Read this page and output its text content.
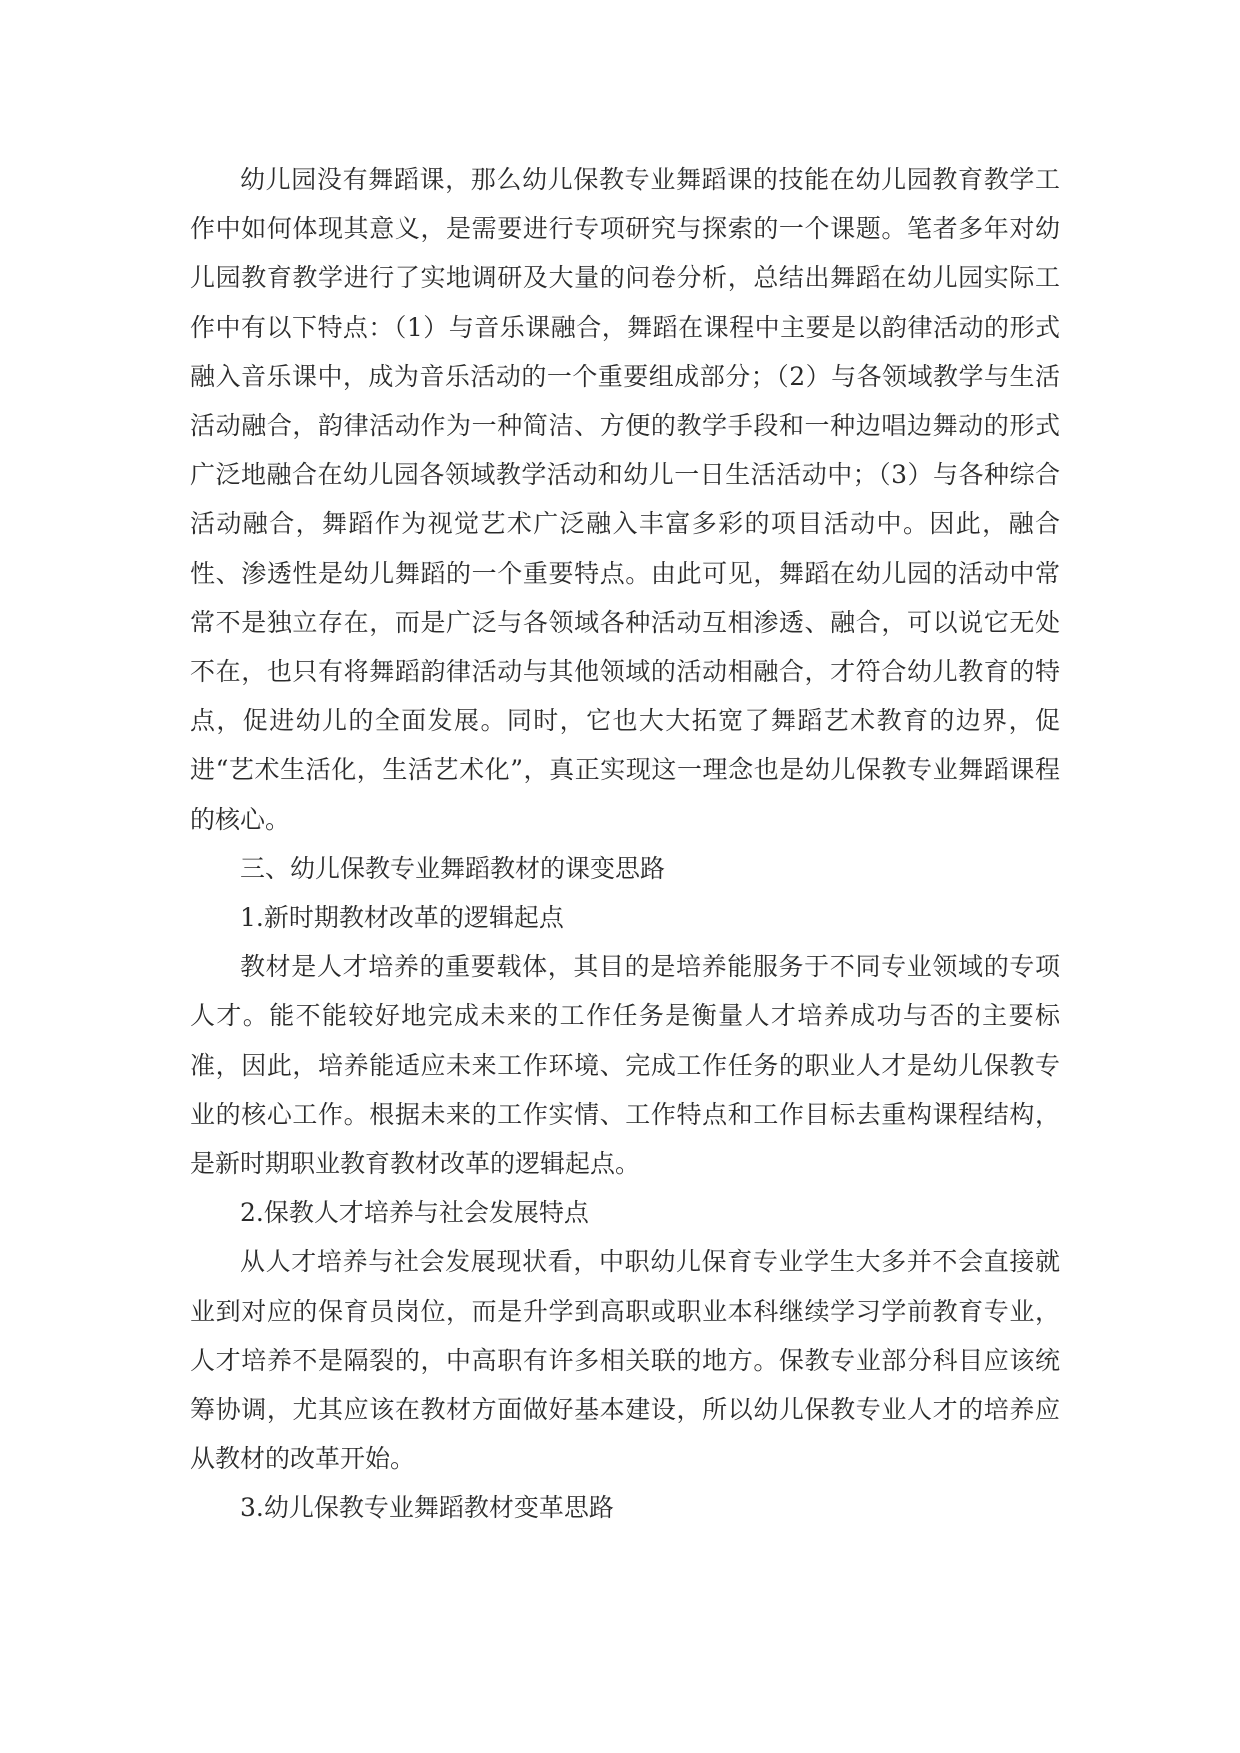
幼儿园没有舞蹈课，那么幼儿保教专业舞蹈课的技能在幼儿园教育教学工作中如何体现其意义，是需要进行专项研究与探索的一个课题。笔者多年对幼儿园教育教学进行了实地调研及大量的问卷分析，总结出舞蹈在幼儿园实际工作中有以下特点：（1）与音乐课融合，舞蹈在课程中主要是以韵律活动的形式融入音乐课中，成为音乐活动的一个重要组成部分；（2）与各领域教学与生活活动融合，韵律活动作为一种简洁、方便的教学手段和一种边唱边舞动的形式广泛地融合在幼儿园各领域教学活动和幼儿一日生活活动中；（3）与各种综合活动融合，舞蹈作为视觉艺术广泛融入丰富多彩的项目活动中。因此，融合性、渗透性是幼儿舞蹈的一个重要特点。由此可见，舞蹈在幼儿园的活动中常常不是独立存在，而是广泛与各领域各种活动互相渗透、融合，可以说它无处不在，也只有将舞蹈韵律活动与其他领域的活动相融合，才符合幼儿教育的特点，促进幼儿的全面发展。同时，它也大大拓宽了舞蹈艺术教育的边界，促进“艺术生活化，生活艺术化”，真正实现这一理念也是幼儿保教专业舞蹈课程的核心。

三、幼儿保教专业舞蹈教材的课变思路

1.新时期教材改革的逻辑起点

教材是人才培养的重要载体，其目的是培养能服务于不同专业领域的专项人才。能不能较好地完成未来的工作任务是衡量人才培养成功与否的主要标准，因此，培养能适应未来工作环境、完成工作任务的职业人才是幼儿保教专业的核心工作。根据未来的工作实情、工作特点和工作目标去重构课程结构，是新时期职业教育教材改革的逻辑起点。

2.保教人才培养与社会发展特点

从人才培养与社会发展现状看，中职幼儿保育专业学生大多并不会直接就业到对应的保育员岗位，而是升学到高职或职业本科继续学习学前教育专业，人才培养不是隔裂的，中高职有许多相关联的地方。保教专业部分科目应该统筹协调，尤其应该在教材方面做好基本建设，所以幼儿保教专业人才的培养应从教材的改革开始。

3.幼儿保教专业舞蹈教材变革思路
